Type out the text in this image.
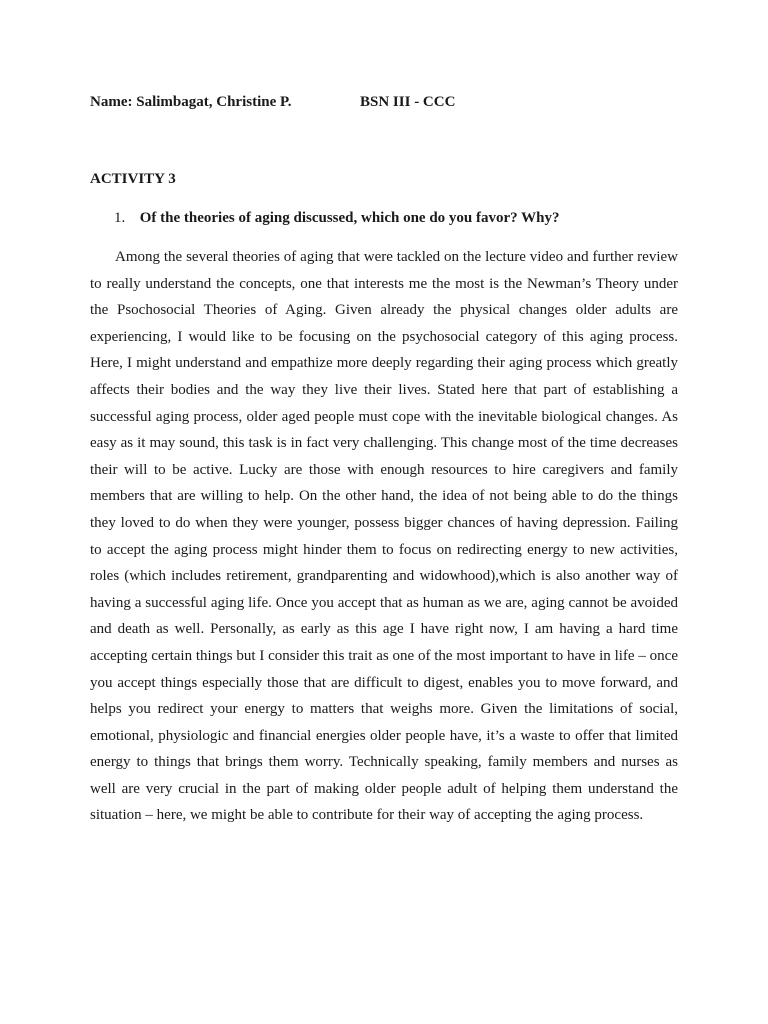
Name: Salimbagat, Christine P.	BSN III - CCC
ACTIVITY 3
1. Of the theories of aging discussed, which one do you favor? Why?

Among the several theories of aging that were tackled on the lecture video and further review to really understand the concepts, one that interests me the most is the Newman’s Theory under the Psochosocial Theories of Aging. Given already the physical changes older adults are experiencing, I would like to be focusing on the psychosocial category of this aging process. Here, I might understand and empathize more deeply regarding their aging process which greatly affects their bodies and the way they live their lives. Stated here that part of establishing a successful aging process, older aged people must cope with the inevitable biological changes. As easy as it may sound, this task is in fact very challenging. This change most of the time decreases their will to be active. Lucky are those with enough resources to hire caregivers and family members that are willing to help. On the other hand, the idea of not being able to do the things they loved to do when they were younger, possess bigger chances of having depression. Failing to accept the aging process might hinder them to focus on redirecting energy to new activities, roles (which includes retirement, grandparenting and widowhood),which is also another way of having a successful aging life. Once you accept that as human as we are, aging cannot be avoided and death as well. Personally, as early as this age I have right now, I am having a hard time accepting certain things but I consider this trait as one of the most important to have in life – once you accept things especially those that are difficult to digest, enables you to move forward, and helps you redirect your energy to matters that weighs more. Given the limitations of social, emotional, physiologic and financial energies older people have, it’s a waste to offer that limited energy to things that brings them worry. Technically speaking, family members and nurses as well are very crucial in the part of making older people adult of helping them understand the situation – here, we might be able to contribute for their way of accepting the aging process.
